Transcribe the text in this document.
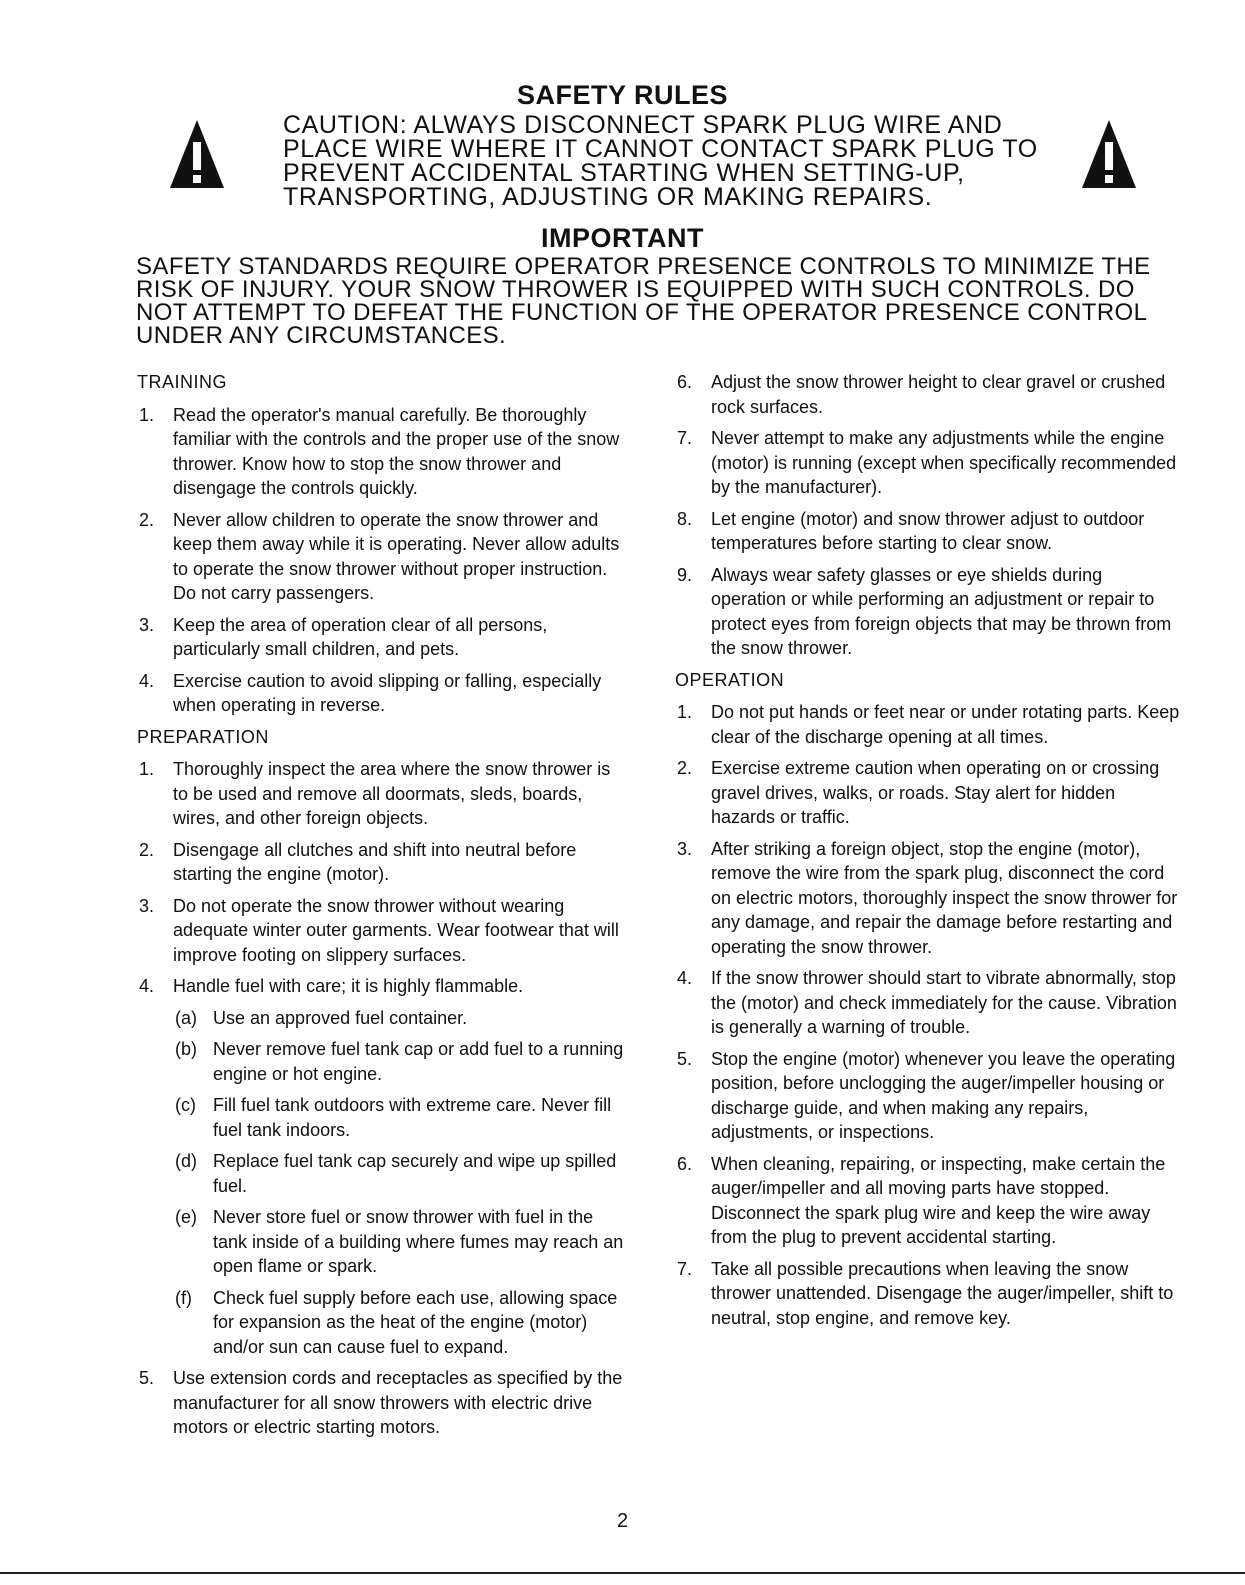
SAFETY RULES
CAUTION: ALWAYS DISCONNECT SPARK PLUG WIRE AND PLACE WIRE WHERE IT CANNOT CONTACT SPARK PLUG TO PREVENT ACCIDENTAL STARTING WHEN SETTING-UP, TRANSPORTING, ADJUSTING OR MAKING REPAIRS.
IMPORTANT
SAFETY STANDARDS REQUIRE OPERATOR PRESENCE CONTROLS TO MINIMIZE THE RISK OF INJURY. YOUR SNOW THROWER IS EQUIPPED WITH SUCH CONTROLS. DO NOT ATTEMPT TO DEFEAT THE FUNCTION OF THE OPERATOR PRESENCE CONTROL UNDER ANY CIRCUMSTANCES.
TRAINING
1. Read the operator's manual carefully. Be thoroughly familiar with the controls and the proper use of the snow thrower. Know how to stop the snow thrower and disengage the controls quickly.
2. Never allow children to operate the snow thrower and keep them away while it is operating. Never allow adults to operate the snow thrower without proper instruction. Do not carry passengers.
3. Keep the area of operation clear of all persons, particularly small children, and pets.
4. Exercise caution to avoid slipping or falling, especially when operating in reverse.
PREPARATION
1. Thoroughly inspect the area where the snow thrower is to be used and remove all doormats, sleds, boards, wires, and other foreign objects.
2. Disengage all clutches and shift into neutral before starting the engine (motor).
3. Do not operate the snow thrower without wearing adequate winter outer garments. Wear footwear that will improve footing on slippery surfaces.
4. Handle fuel with care; it is highly flammable.
(a) Use an approved fuel container.
(b) Never remove fuel tank cap or add fuel to a running engine or hot engine.
(c) Fill fuel tank outdoors with extreme care. Never fill fuel tank indoors.
(d) Replace fuel tank cap securely and wipe up spilled fuel.
(e) Never store fuel or snow thrower with fuel in the tank inside of a building where fumes may reach an open flame or spark.
(f) Check fuel supply before each use, allowing space for expansion as the heat of the engine (motor) and/or sun can cause fuel to expand.
5. Use extension cords and receptacles as specified by the manufacturer for all snow throwers with electric drive motors or electric starting motors.
6. Adjust the snow thrower height to clear gravel or crushed rock surfaces.
7. Never attempt to make any adjustments while the engine (motor) is running (except when specifically recommended by the manufacturer).
8. Let engine (motor) and snow thrower adjust to outdoor temperatures before starting to clear snow.
9. Always wear safety glasses or eye shields during operation or while performing an adjustment or repair to protect eyes from foreign objects that may be thrown from the snow thrower.
OPERATION
1. Do not put hands or feet near or under rotating parts. Keep clear of the discharge opening at all times.
2. Exercise extreme caution when operating on or crossing gravel drives, walks, or roads. Stay alert for hidden hazards or traffic.
3. After striking a foreign object, stop the engine (motor), remove the wire from the spark plug, disconnect the cord on electric motors, thoroughly inspect the snow thrower for any damage, and repair the damage before restarting and operating the snow thrower.
4. If the snow thrower should start to vibrate abnormally, stop the (motor) and check immediately for the cause. Vibration is generally a warning of trouble.
5. Stop the engine (motor) whenever you leave the operating position, before unclogging the auger/impeller housing or discharge guide, and when making any repairs, adjustments, or inspections.
6. When cleaning, repairing, or inspecting, make certain the auger/impeller and all moving parts have stopped. Disconnect the spark plug wire and keep the wire away from the plug to prevent accidental starting.
7. Take all possible precautions when leaving the snow thrower unattended. Disengage the auger/impeller, shift to neutral, stop engine, and remove key.
2
